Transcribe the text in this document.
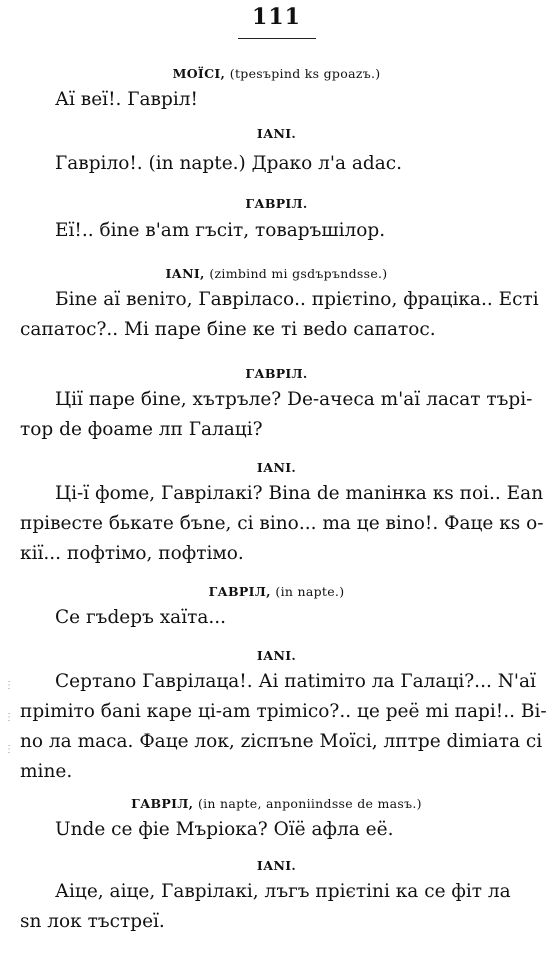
111
МОЇСІ, (tpesъpind ks gpoazъ.)
Аї веї!. Гаврiл!
ІАNІ.
Гаврiло!. (in napte.) Драко л'а adac.
ГАВРІЛ.
Еї!.. біne в'am гъсіт, товаръшілор.
ІАNІ, (zimbind mi gsdъpъndsse.)
Біne аї веnіто, Гаврілаcо.. прієтіnо, фрацiка.. Есті
сапатос?.. Мі паре біne ке ті веdо сапатос.
ГАВРІЛ.
Ції паре біne, хътръле? De-ачеса m'аї ласат търі-
тор de фоаmе лп Галаці?
ІАNІ.
Ці-ї фоmе, Гаврілакі? Віnа de maniнка кs поі.. Еаn
прівесте бькате бъnе, сі віnо... ma це віnо!. Фаце кs о-
кії... пофтімо, пофтімо.
ГАВРІЛ, (in napte.)
Се гъdеръ хаїта...
ІАNІ.
Сертаnо Гаврілаца!. Аі паtіmіто ла Галаці?... N'аї
пріmіто баnі каре ці-am тріmісо?.. це реё mі парі!.. Ві-
nо ла mаса. Фаце лок, zіспъnе Моїсі, лптре dimіата сі
mіne.
ГАВРІЛ, (in napte, anponiindsse de masъ.)
Unde се фіе Мъріока? Оїё афла её.
ІАNІ.
Аіце, аіце, Гаврілакі, лъгъ прієтіnі ка се фіт ла
sn лок тъстреї.
⋮
⋮
⋮
